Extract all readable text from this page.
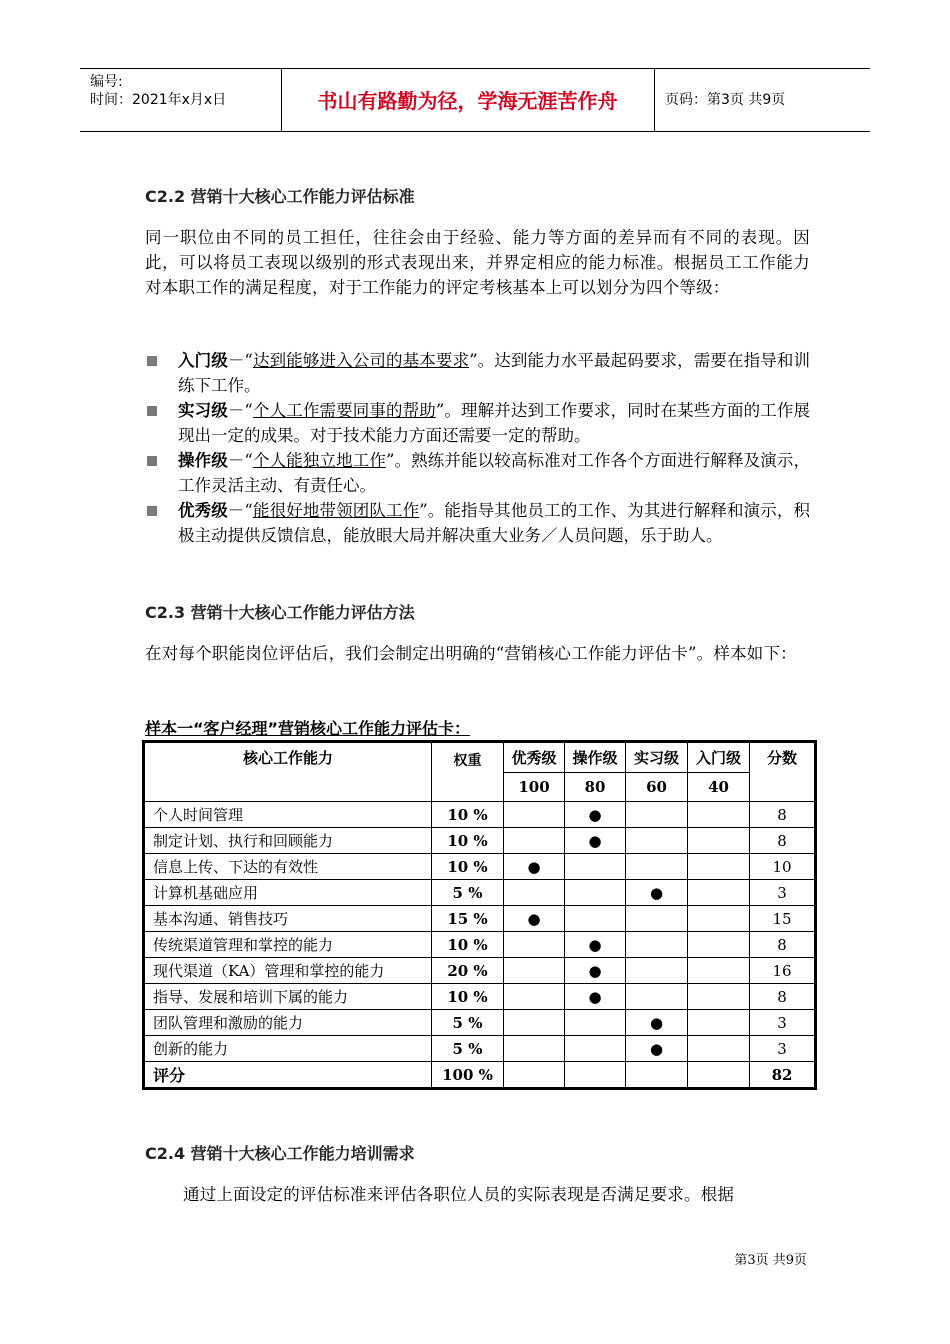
编号:
时间：2021年x月x日	书山有路勤为径，学海无涯苦作舟	页码：第3页 共9页
C2.2 营销十大核心工作能力评估标准
同一职位由不同的员工担任，往往会由于经验、能力等方面的差异而有不同的表现。因此，可以将员工表现以级别的形式表现出来，并界定相应的能力标准。根据员工工作能力对本职工作的满足程度，对于工作能力的评定考核基本上可以划分为四个等级：
入门级－“达到能够进入公司的基本要求”。达到能力水平最起码要求，需要在指导和训练下工作。
实习级－“个人工作需要同事的帮助”。理解并达到工作要求，同时在某些方面的工作展现出一定的成果。对于技术能力方面还需要一定的帮助。
操作级－“个人能独立地工作”。熟练并能以较高标准对工作各个方面进行解释及演示，工作灵活主动、有责任心。
优秀级－“能很好地带领团队工作”。能指导其他员工的工作、为其进行解释和演示，积极主动提供反馈信息，能放眼大局并解决重大业务／人员问题，乐于助人。
C2.3 营销十大核心工作能力评估方法
在对每个职能岗位评估后，我们会制定出明确的“营销核心工作能力评估卡”。样本如下：
样本一“客户经理”营销核心工作能力评估卡：
核心工作能力	权重	优秀级	操作级	实习级	入门级	分数
		100	80	60	40	
个人时间管理	10 %		●			8
制定计划、执行和回顾能力	10 %		●			8
信息上传、下达的有效性	10 %	●				10
计算机基础应用	5 %			●		3
基本沟通、销售技巧	15 %	●				15
传统渠道管理和掌控的能力	10 %		●			8
现代渠道（KA）管理和掌控的能力	20 %		●			16
指导、发展和培训下属的能力	10 %		●			8
团队管理和激励的能力	5 %			●		3
创新的能力	5 %			●		3
评分	100 %					82
C2.4 营销十大核心工作能力培训需求
通过上面设定的评估标准来评估各职位人员的实际表现是否满足要求。根据
第3页 共9页
